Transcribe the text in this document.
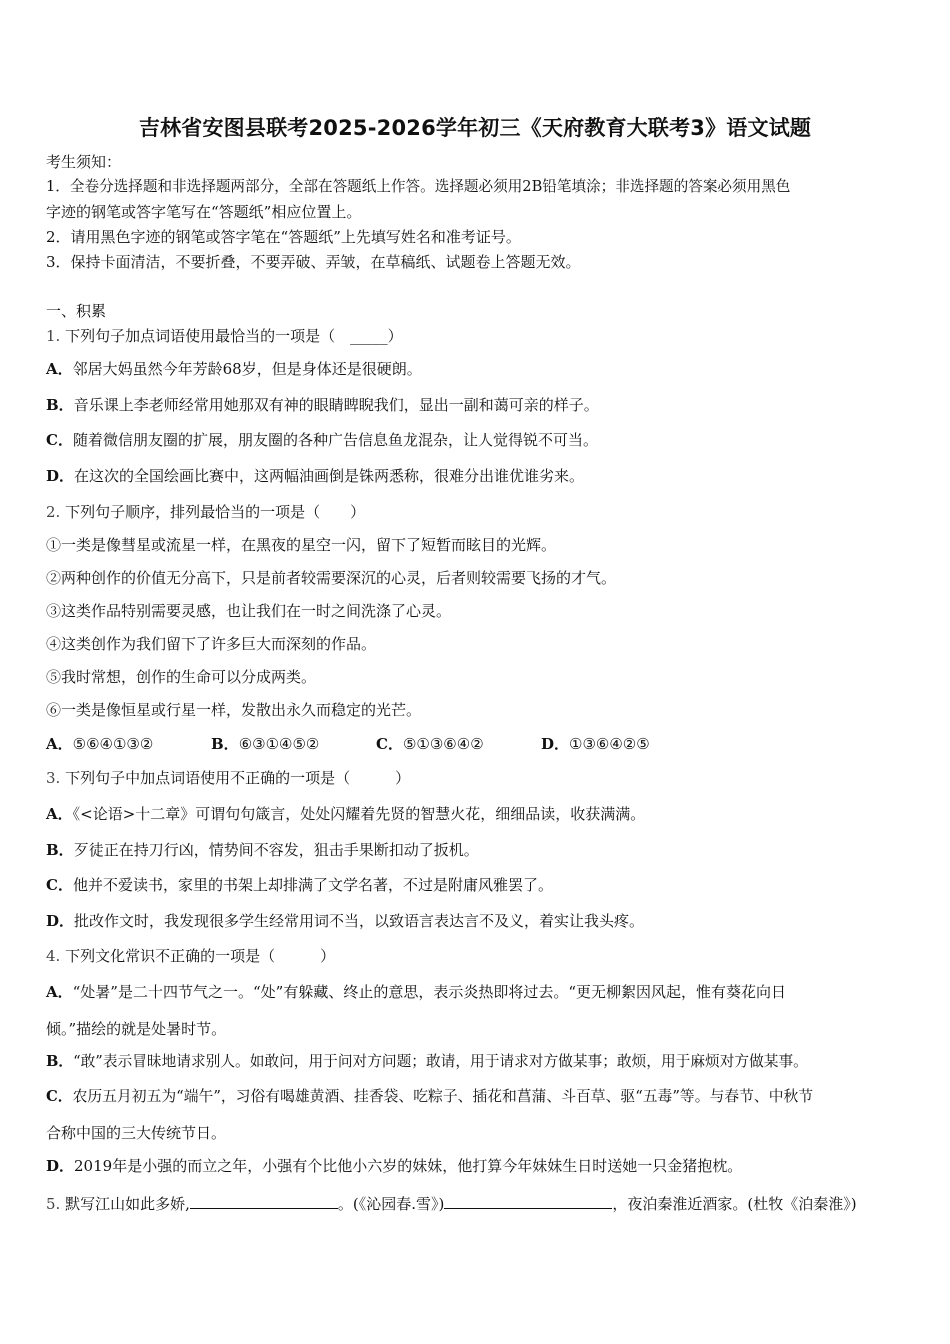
吉林省安图县联考2025-2026学年初三《天府教育大联考3》语文试题
考生须知：
1．全卷分选择题和非选择题两部分，全部在答题纸上作答。选择题必须用2B铅笔填涂；非选择题的答案必须用黑色
字迹的钢笔或答字笔写在“答题纸”相应位置上。
2．请用黑色字迹的钢笔或答字笔在“答题纸”上先填写姓名和准考证号。
3．保持卡面清洁，不要折叠，不要弄破、弄皱，在草稿纸、试题卷上答题无效。
一、积累
1. 下列句子加点词语使用最恰当的一项是（　_____）
A．邻居大妈虽然今年芳龄68岁，但是身体还是很硬朗。
B．音乐课上李老师经常用她那双有神的眼睛睥睨我们，显出一副和蔼可亲的样子。
C．随着微信朋友圈的扩展，朋友圈的各种广告信息鱼龙混杂，让人觉得锐不可当。
D．在这次的全国绘画比赛中，这两幅油画倒是铢两悉称，很难分出谁优谁劣来。
2. 下列句子顺序，排列最恰当的一项是（　　）
①一类是像彗星或流星一样，在黑夜的星空一闪，留下了短暂而眩目的光辉。
②两种创作的价值无分高下，只是前者较需要深沉的心灵，后者则较需要飞扬的才气。
③这类作品特别需要灵感，也让我们在一时之间洗涤了心灵。
④这类创作为我们留下了许多巨大而深刻的作品。
⑤我时常想，创作的生命可以分成两类。
⑥一类是像恒星或行星一样，发散出永久而稳定的光芒。
A．⑤⑥④①③②	B．⑥③①④⑤②	C．⑤①③⑥④②	D．①③⑥④②⑤
3. 下列句子中加点词语使用不正确的一项是（　　　）
A．《<论语>十二章》可谓句句箴言，处处闪耀着先贤的智慧火花，细细品读，收获满满。
B．歹徒正在持刀行凶，情势间不容发，狙击手果断扣动了扳机。
C．他并不爱读书，家里的书架上却排满了文学名著，不过是附庸风雅罢了。
D．批改作文时，我发现很多学生经常用词不当，以致语言表达言不及义，着实让我头疼。
4. 下列文化常识不正确的一项是（　　　）
A．“处暑”是二十四节气之一。“处”有躲藏、终止的意思，表示炎热即将过去。“更无柳絮因风起，惟有葵花向日
倾。”描绘的就是处暑时节。
B．“敢”表示冒昧地请求别人。如敢问，用于问对方问题；敢请，用于请求对方做某事；敢烦，用于麻烦对方做某事。
C．农历五月初五为“端午”，习俗有喝雄黄酒、挂香袋、吃粽子、插花和菖蒲、斗百草、驱“五毒”等。与春节、中秋节
合称中国的三大传统节日。
D．2019年是小强的而立之年，小强有个比他小六岁的妹妹，他打算今年妹妹生日时送她一只金猪抱枕。
5. 默写江山如此多娇,	。(《沁园春.雪》)	，夜泊秦淮近酒家。(杜牧《泊秦淮》)
